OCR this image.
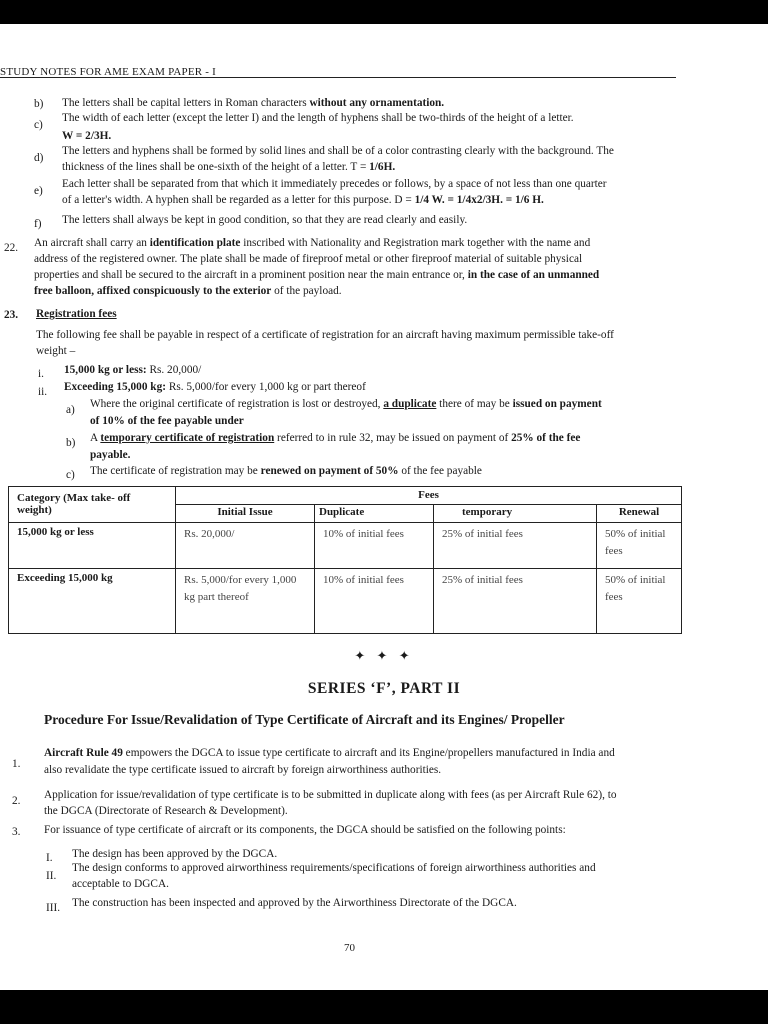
STUDY NOTES FOR AME EXAM PAPER - I
b) The letters shall be capital letters in Roman characters without any ornamentation.
c)
The width of each letter (except the letter I) and the length of hyphens shall be two-thirds of the height of a letter.
W = 2/3H.
d)
The letters and hyphens shall be formed by solid lines and shall be of a color contrasting clearly with the background. The
thickness of the lines shall be one-sixth of the height of a letter. T = 1/6H.
e)
Each letter shall be separated from that which it immediately precedes or follows, by a space of not less than one quarter
of a letter's width. A hyphen shall be regarded as a letter for this purpose. D = 1/4 W. = 1/4x2/3H. = 1/6 H.
f) The letters shall always be kept in good condition, so that they are read clearly and easily.
22. An aircraft shall carry an identification plate inscribed with Nationality and Registration mark together with the name and
address of the registered owner. The plate shall be made of fireproof metal or other fireproof material of suitable physical
properties and shall be secured to the aircraft in a prominent position near the main entrance or, in the case of an unmanned
free balloon, affixed conspicuously to the exterior of the payload.
23. Registration fees
The following fee shall be payable in respect of a certificate of registration for an aircraft having maximum permissible take-off
weight –
i. 15,000 kg or less: Rs. 20,000/
ii. Exceeding 15,000 kg: Rs. 5,000/for every 1,000 kg or part thereof
a) Where the original certificate of registration is lost or destroyed, a duplicate there of may be issued on payment
of 10% of the fee payable under
b) A temporary certificate of registration referred to in rule 32, may be issued on payment of 25% of the fee
payable.
c) The certificate of registration may be renewed on payment of 50% of the fee payable
Category (Max take- off weight)	Fees			
	Initial Issue	Duplicate	temporary	Renewal
15,000 kg or less	Rs. 20,000/	10% of initial fees	25% of initial fees	50% of initial fees
Exceeding 15,000 kg	Rs. 5,000/for every 1,000 kg part thereof	10% of initial fees	25% of initial fees	50% of initial fees
✦ ✦ ✦
SERIES ‘F’, PART II
Procedure For Issue/Revalidation of Type Certificate of Aircraft and its Engines/ Propeller
1.
Aircraft Rule 49 empowers the DGCA to issue type certificate to aircraft and its Engine/propellers manufactured in India and
also revalidate the type certificate issued to aircraft by foreign airworthiness authorities.
2. Application for issue/revalidation of type certificate is to be submitted in duplicate along with fees (as per Aircraft Rule 62), to
the DGCA (Directorate of Research & Development).
3. For issuance of type certificate of aircraft or its components, the DGCA should be satisfied on the following points:
I. The design has been approved by the DGCA.
II.
The design conforms to approved airworthiness requirements/specifications of foreign airworthiness authorities and
acceptable to DGCA.
III. The construction has been inspected and approved by the Airworthiness Directorate of the DGCA.
70
